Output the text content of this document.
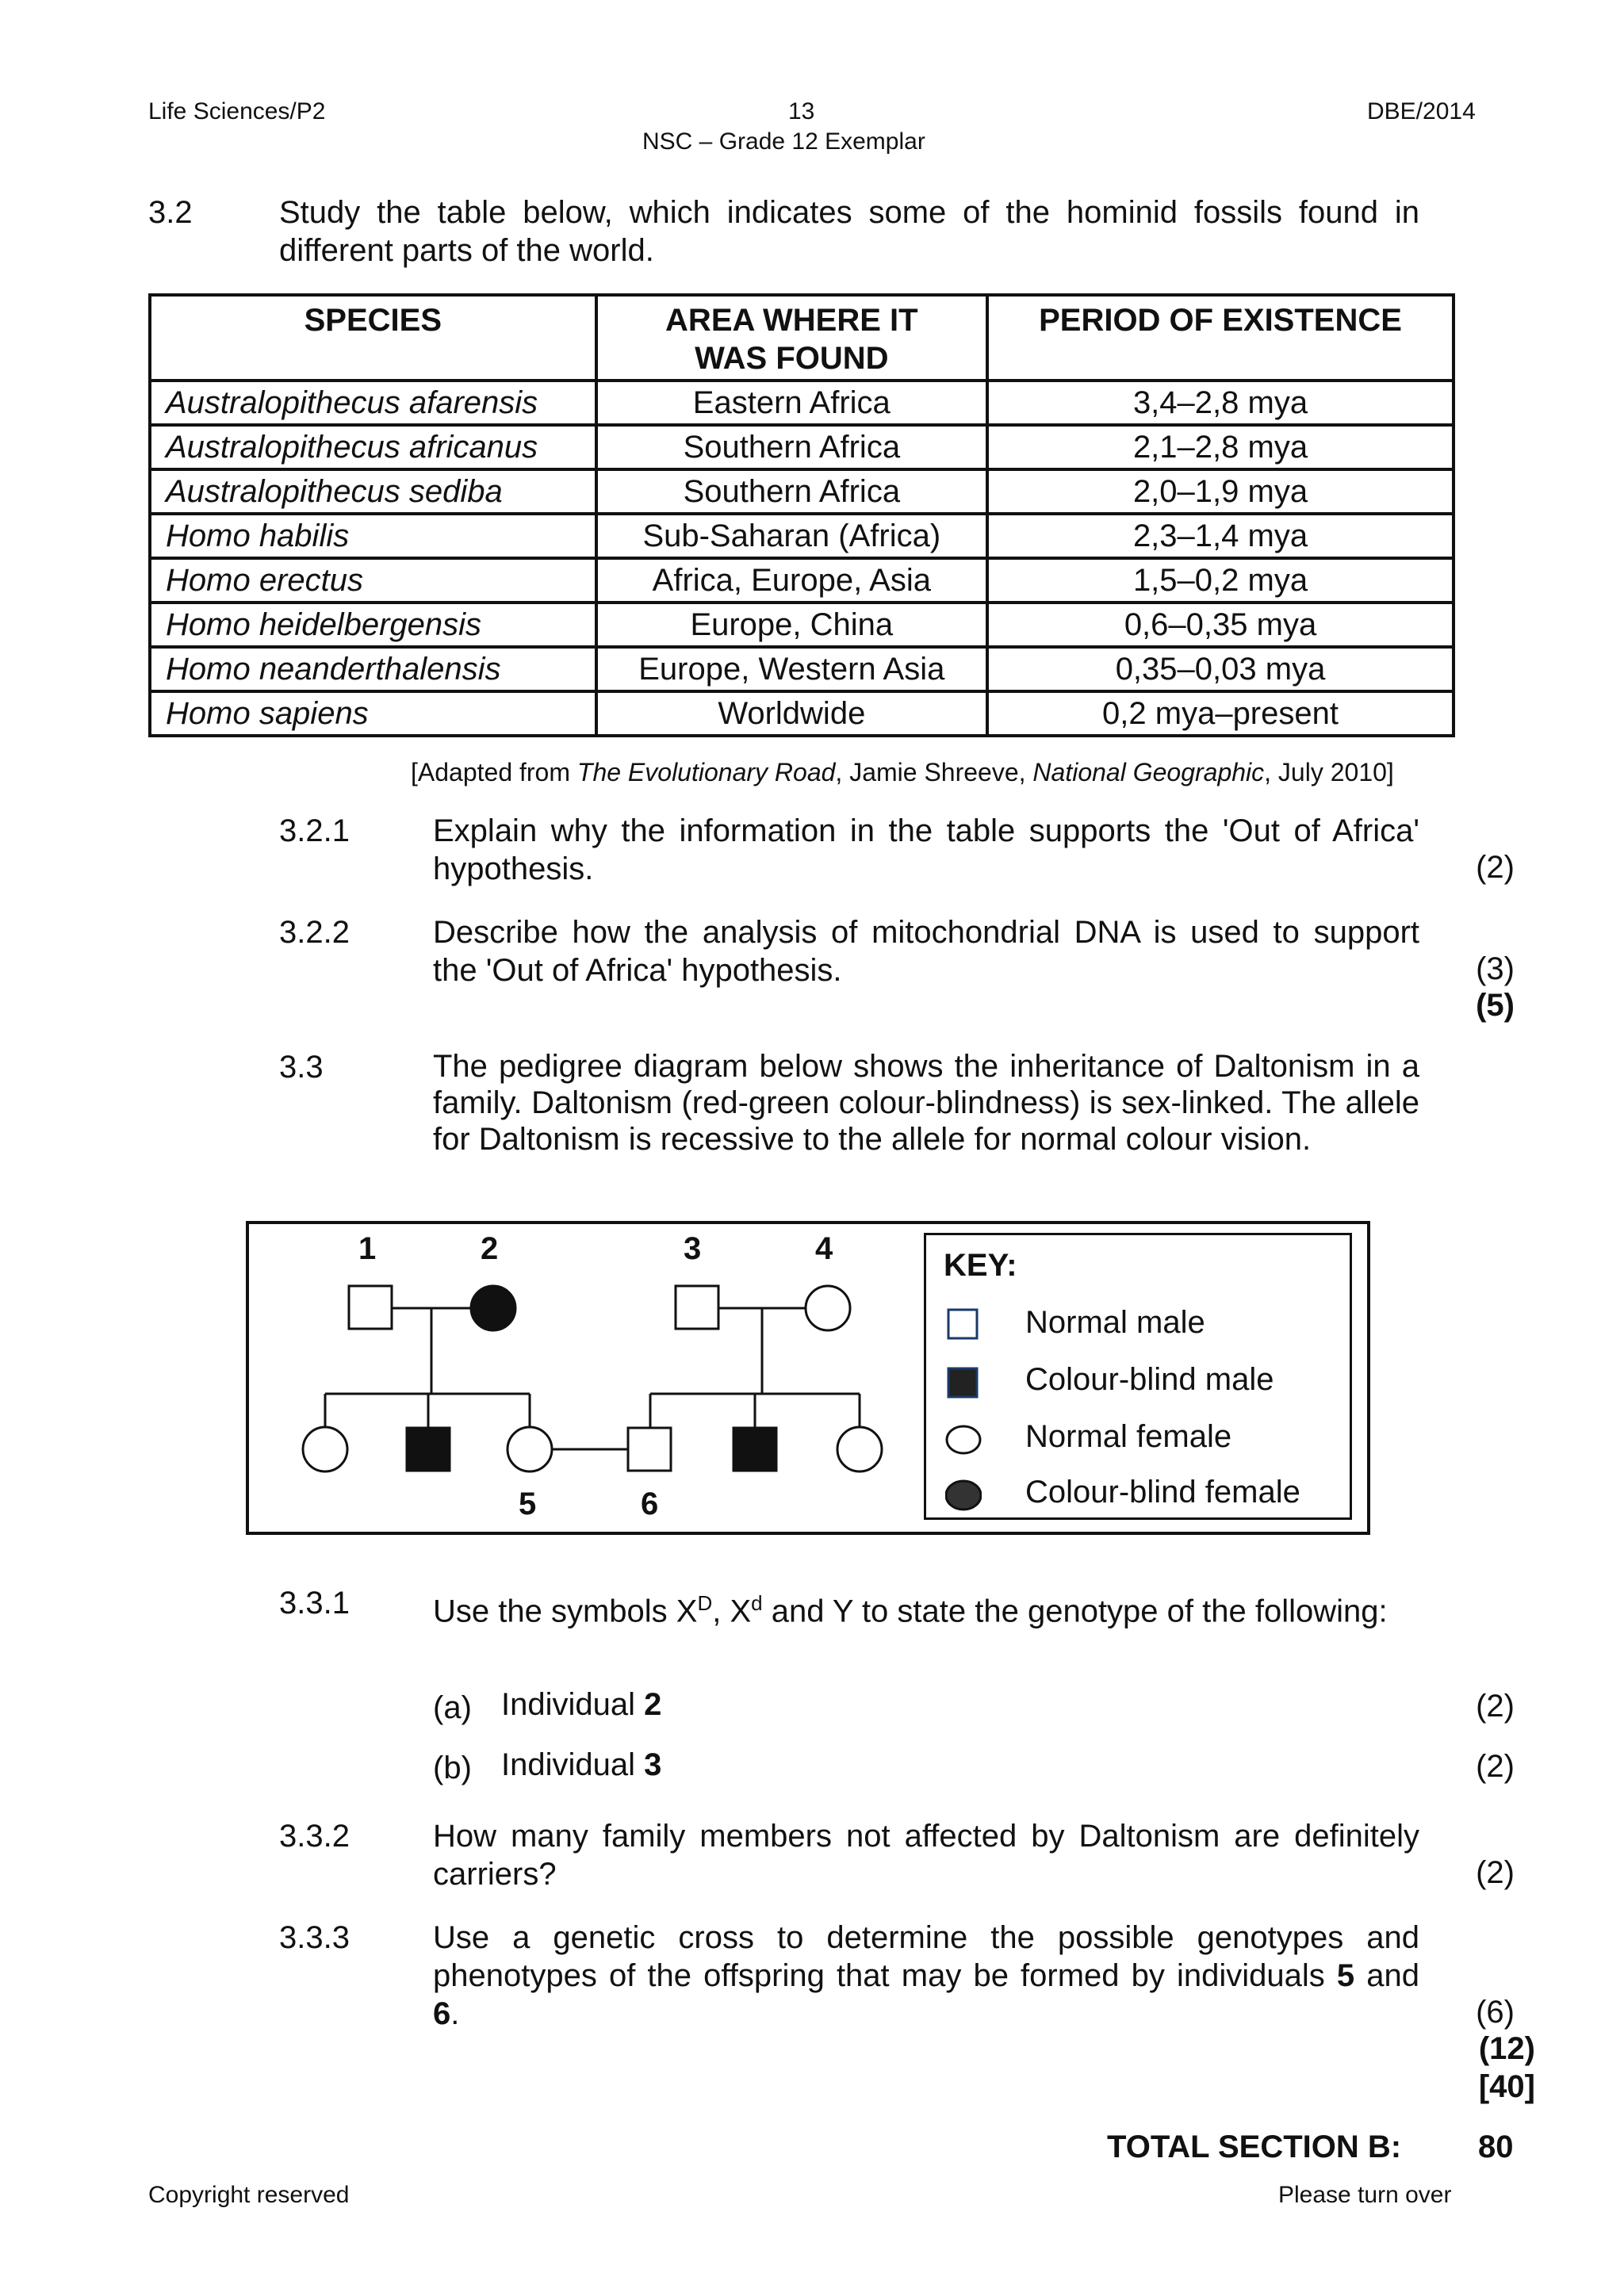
Life Sciences/P2	13
NSC – Grade 12 Exemplar
DBE/2014
3.2	Study the table below, which indicates some of the hominid fossils found in different parts of the world.
SPECIES	AREA WHERE IT WAS FOUND	PERIOD OF EXISTENCE
Australopithecus afarensis	Eastern Africa	3,4–2,8 mya
Australopithecus africanus	Southern Africa	2,1–2,8 mya
Australopithecus sediba	Southern Africa	2,0–1,9 mya
Homo habilis	Sub-Saharan (Africa)	2,3–1,4 mya
Homo erectus	Africa, Europe, Asia	1,5–0,2 mya
Homo heidelbergensis	Europe, China	0,6–0,35 mya
Homo neanderthalensis	Europe, Western Asia	0,35–0,03 mya
Homo sapiens	Worldwide	0,2 mya–present
[Adapted from The Evolutionary Road, Jamie Shreeve, National Geographic, July 2010]
3.2.1	Explain why the information in the table supports the 'Out of Africa' hypothesis.	(2)
3.2.2	Describe how the analysis of mitochondrial DNA is used to support the 'Out of Africa' hypothesis.	(3)
(5)
3.3	The pedigree diagram below shows the inheritance of Daltonism in a family. Daltonism (red-green colour-blindness) is sex-linked. The allele for Daltonism is recessive to the allele for normal colour vision.
1	2	3	4
5	6
KEY:
Normal male
Colour-blind male
Normal female
Colour-blind female
3.3.1	Use the symbols $X^D$, $X^d$ and Y to state the genotype of the following:
(a) Individual 2	(2)
(b) Individual 3	(2)
3.3.2	How many family members not affected by Daltonism are definitely carriers?	(2)
3.3.3	Use a genetic cross to determine the possible genotypes and phenotypes of the offspring that may be formed by individuals 5 and 6.	(6)
(12)
[40]
TOTAL SECTION B: 80
Copyright reserved	Please turn over
